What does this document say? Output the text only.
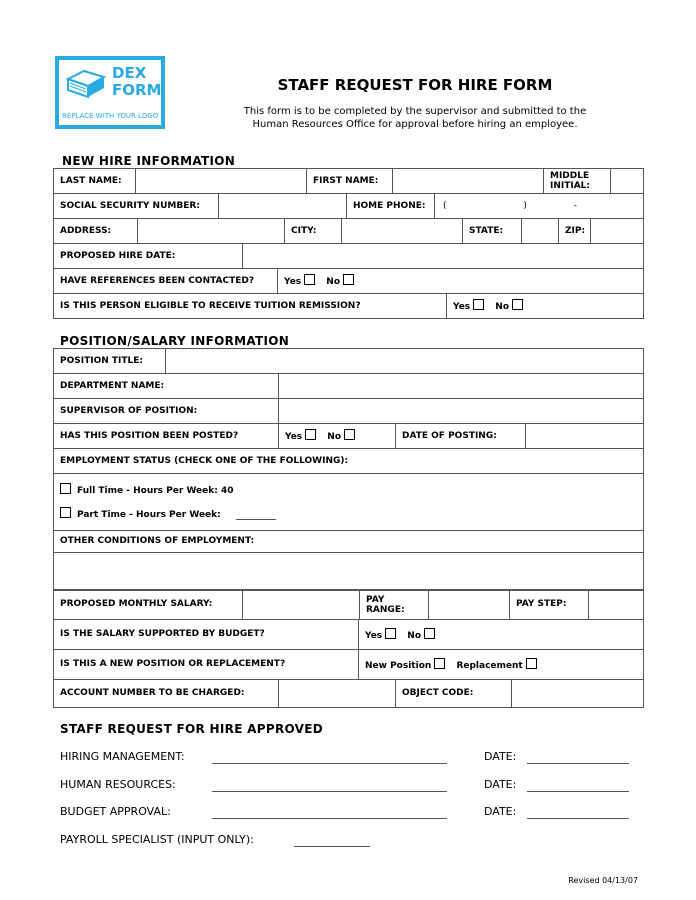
DEX
FORM
REPLACE WITH YOUR LOGO
STAFF REQUEST FOR HIRE FORM
This form is to be completed by the supervisor and submitted to the
Human Resources Office for approval before hiring an employee.
NEW HIRE INFORMATION
LAST NAME:		FIRST NAME:		MIDDLE INITIAL:	
SOCIAL SECURITY NUMBER:		HOME PHONE:	(	)	-
ADDRESS:		CITY:		STATE:		ZIP:	
PROPOSED HIRE DATE:	
HAVE REFERENCES BEEN CONTACTED?	Yes	No
IS THIS PERSON ELIGIBLE TO RECEIVE TUITION REMISSION?	Yes	No
POSITION/SALARY INFORMATION
POSITION TITLE:	
DEPARTMENT NAME:	
SUPERVISOR OF POSITION:	
HAS THIS POSITION BEEN POSTED?	Yes	No	DATE OF POSTING:	
EMPLOYMENT STATUS (CHECK ONE OF THE FOLLOWING):

Full Time - Hours Per Week: 40
Part Time - Hours Per Week:

OTHER CONDITIONS OF EMPLOYMENT:

PROPOSED MONTHLY SALARY:		PAY RANGE:		PAY STEP:	
IS THE SALARY SUPPORTED BY BUDGET?	Yes	No
IS THIS A NEW POSITION OR REPLACEMENT?	New Position	Replacement
ACCOUNT NUMBER TO BE CHARGED:		OBJECT CODE:	
STAFF REQUEST FOR HIRE APPROVED
HIRING MANAGEMENT:	DATE:
HUMAN RESOURCES:	DATE:
BUDGET APPROVAL:	DATE:
PAYROLL SPECIALIST (INPUT ONLY):
Revised 04/13/07
